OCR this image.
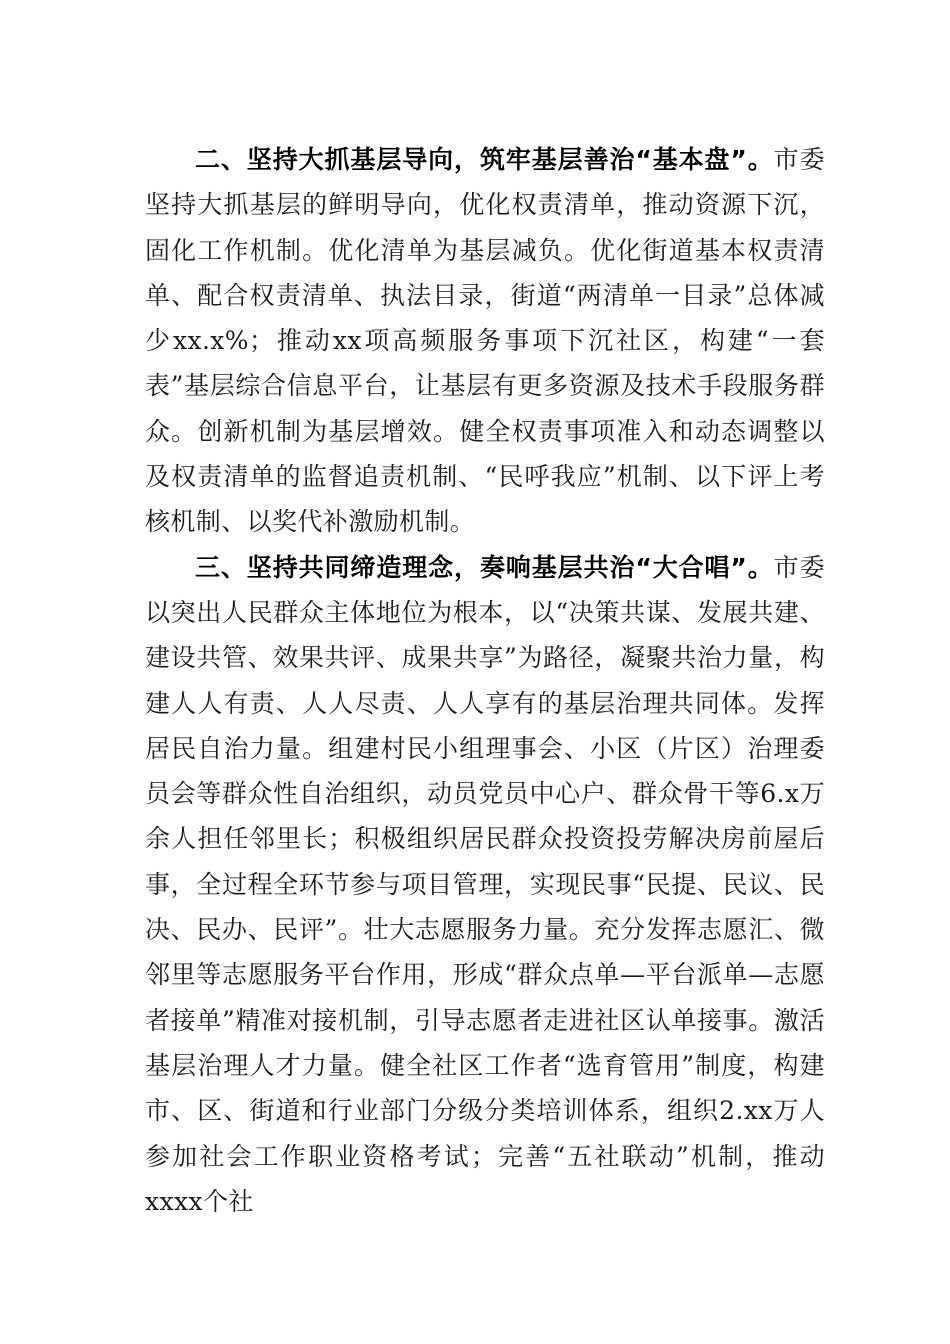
二、坚持大抓基层导向，筑牢基层善治“基本盘”。市委坚持大抓基层的鲜明导向，优化权责清单，推动资源下沉，固化工作机制。优化清单为基层减负。优化街道基本权责清单、配合权责清单、执法目录，街道“两清单一目录”总体减少xx.x%；推动xx项高频服务事项下沉社区，构建“一套表”基层综合信息平台，让基层有更多资源及技术手段服务群众。创新机制为基层增效。健全权责事项准入和动态调整以及权责清单的监督追责机制、“民呼我应”机制、以下评上考核机制、以奖代补激励机制。

三、坚持共同缔造理念，奏响基层共治“大合唱”。市委以突出人民群众主体地位为根本，以“决策共谋、发展共建、建设共管、效果共评、成果共享”为路径，凝聚共治力量，构建人人有责、人人尽责、人人享有的基层治理共同体。发挥居民自治力量。组建村民小组理事会、小区（片区）治理委员会等群众性自治组织，动员党员中心户、群众骨干等6.x万余人担任邻里长；积极组织居民群众投资投劳解决房前屋后事，全过程全环节参与项目管理，实现民事“民提、民议、民决、民办、民评”。壮大志愿服务力量。充分发挥志愿汇、微邻里等志愿服务平台作用，形成“群众点单—平台派单—志愿者接单”精准对接机制，引导志愿者走进社区认单接事。激活基层治理人才力量。健全社区工作者“选育管用”制度，构建市、区、街道和行业部门分级分类培训体系，组织2.xx万人参加社会工作职业资格考试；完善“五社联动”机制，推动xxxx个社
